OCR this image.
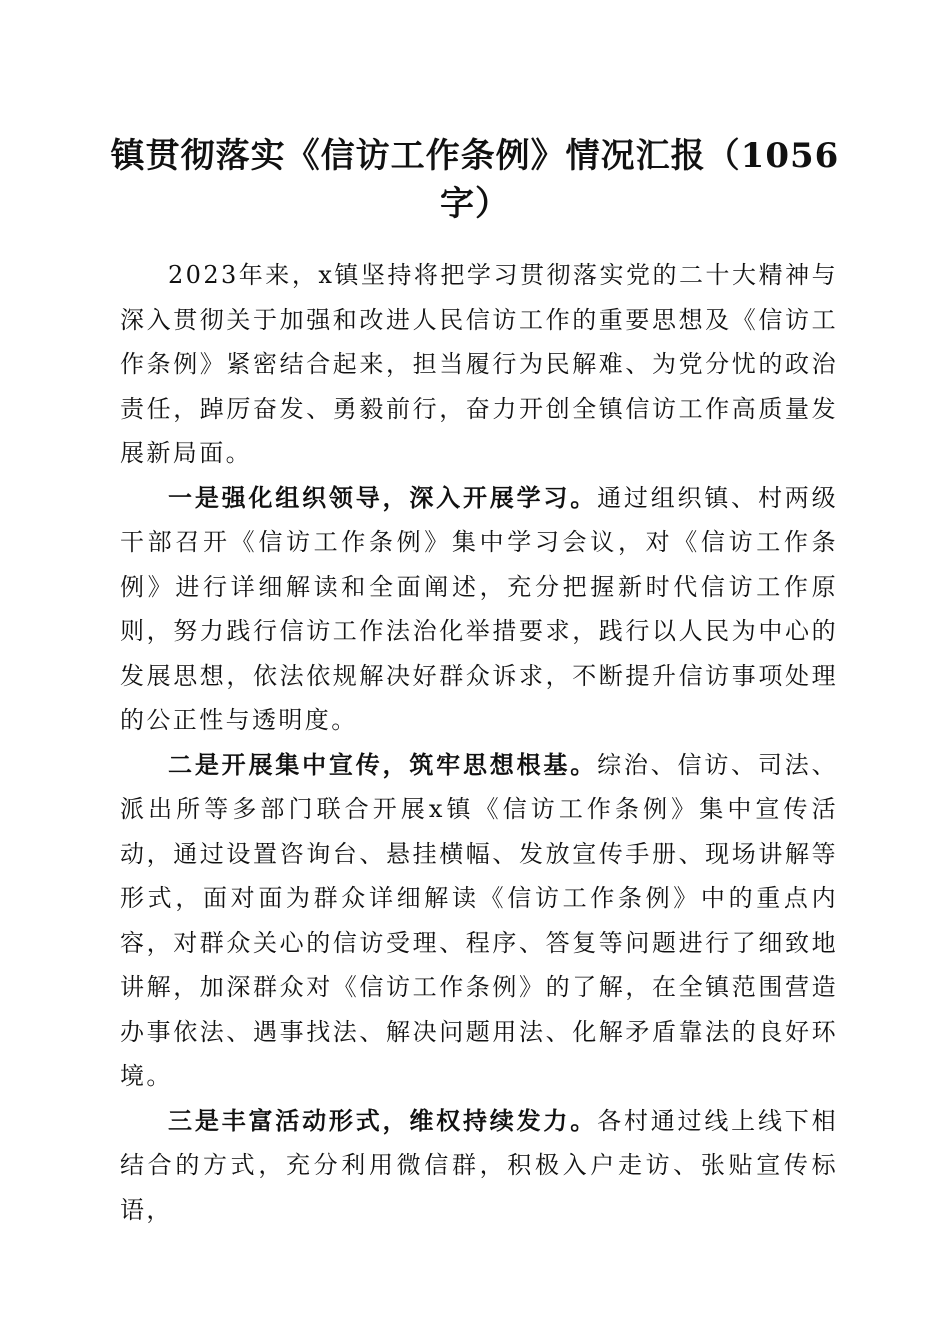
镇贯彻落实《信访工作条例》情况汇报（1056字）

2023年来，x镇坚持将把学习贯彻落实党的二十大精神与深入贯彻关于加强和改进人民信访工作的重要思想及《信访工作条例》紧密结合起来，担当履行为民解难、为党分忧的政治责任，踔厉奋发、勇毅前行，奋力开创全镇信访工作高质量发展新局面。

一是强化组织领导，深入开展学习。通过组织镇、村两级干部召开《信访工作条例》集中学习会议，对《信访工作条例》进行详细解读和全面阐述，充分把握新时代信访工作原则，努力践行信访工作法治化举措要求，践行以人民为中心的发展思想，依法依规解决好群众诉求，不断提升信访事项处理的公正性与透明度。

二是开展集中宣传，筑牢思想根基。综治、信访、司法、派出所等多部门联合开展x镇《信访工作条例》集中宣传活动，通过设置咨询台、悬挂横幅、发放宣传手册、现场讲解等形式，面对面为群众详细解读《信访工作条例》中的重点内容，对群众关心的信访受理、程序、答复等问题进行了细致地讲解，加深群众对《信访工作条例》的了解，在全镇范围营造办事依法、遇事找法、解决问题用法、化解矛盾靠法的良好环境。

三是丰富活动形式，维权持续发力。各村通过线上线下相结合的方式，充分利用微信群，积极入户走访、张贴宣传标语，
